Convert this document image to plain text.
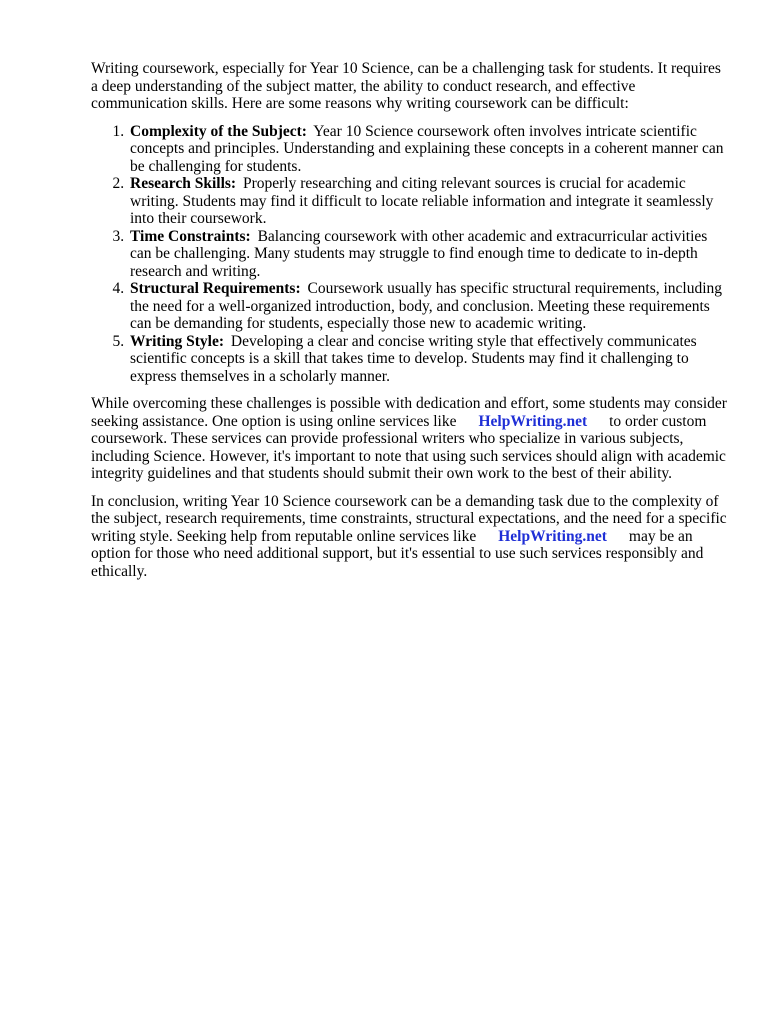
Writing coursework, especially for Year 10 Science, can be a challenging task for students. It requires a deep understanding of the subject matter, the ability to conduct research, and effective communication skills. Here are some reasons why writing coursework can be difficult:

1. Complexity of the Subject: Year 10 Science coursework often involves intricate scientific concepts and principles. Understanding and explaining these concepts in a coherent manner can be challenging for students.
2. Research Skills: Properly researching and citing relevant sources is crucial for academic writing. Students may find it difficult to locate reliable information and integrate it seamlessly into their coursework.
3. Time Constraints: Balancing coursework with other academic and extracurricular activities can be challenging. Many students may struggle to find enough time to dedicate to in-depth research and writing.
4. Structural Requirements: Coursework usually has specific structural requirements, including the need for a well-organized introduction, body, and conclusion. Meeting these requirements can be demanding for students, especially those new to academic writing.
5. Writing Style: Developing a clear and concise writing style that effectively communicates scientific concepts is a skill that takes time to develop. Students may find it challenging to express themselves in a scholarly manner.

While overcoming these challenges is possible with dedication and effort, some students may consider seeking assistance. One option is using online services like HelpWriting.net to order custom coursework. These services can provide professional writers who specialize in various subjects, including Science. However, it's important to note that using such services should align with academic integrity guidelines and that students should submit their own work to the best of their ability.

In conclusion, writing Year 10 Science coursework can be a demanding task due to the complexity of the subject, research requirements, time constraints, structural expectations, and the need for a specific writing style. Seeking help from reputable online services like HelpWriting.net may be an option for those who need additional support, but it's essential to use such services responsibly and ethically.
